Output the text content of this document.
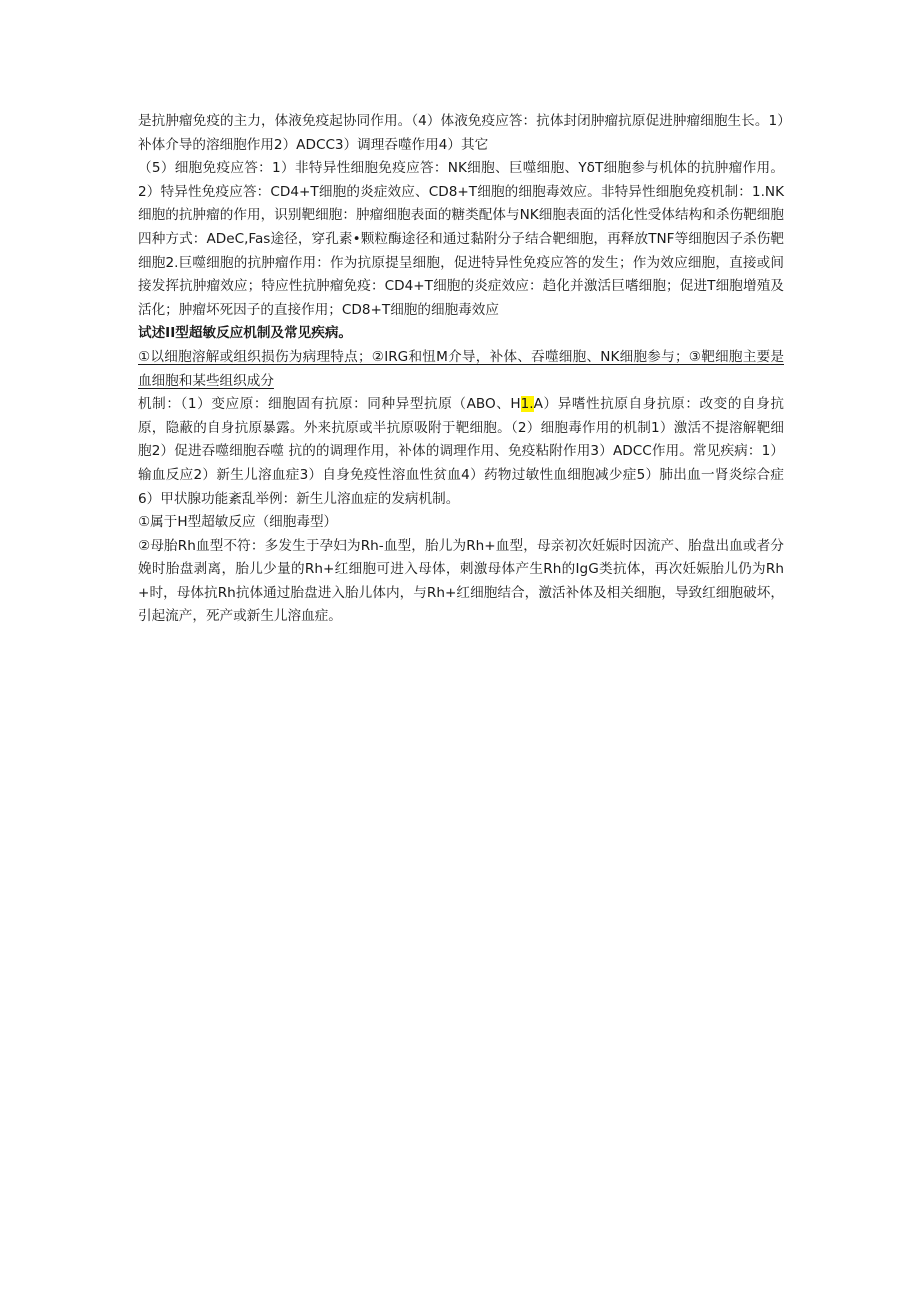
是抗肿瘤免疫的主力，体液免疫起协同作用。（4）体液免疫应答：抗体封闭肿瘤抗原促进肿瘤细胞生长。1）补体介导的溶细胞作用2）ADCC3）调理吞噬作用4）其它

（5）细胞免疫应答：1）非特异性细胞免疫应答：NK细胞、巨噬细胞、YδT细胞参与机体的抗肿瘤作用。2）特异性免疫应答：CD4+T细胞的炎症效应、CD8+T细胞的细胞毒效应。非特异性细胞免疫机制：1.NK细胞的抗肿瘤的作用，识别靶细胞：肿瘤细胞表面的糖类配体与NK细胞表面的活化性受体结构和杀伤靶细胞四种方式：ADeC,Fas途径，穿孔素•颗粒酶途径和通过黏附分子结合靶细胞，再释放TNF等细胞因子杀伤靶细胞2.巨噬细胞的抗肿瘤作用：作为抗原提呈细胞，促进特异性免疫应答的发生；作为效应细胞，直接或间接发挥抗肿瘤效应；特应性抗肿瘤免疫：CD4+T细胞的炎症效应：趋化并激活巨嗜细胞；促进T细胞增殖及活化；肿瘤坏死因子的直接作用；CD8+T细胞的细胞毒效应

试述II型超敏反应机制及常见疾病。

①以细胞溶解或组织损伤为病理特点；②IRG和忸M介导，补体、吞噬细胞、NK细胞参与；③靶细胞主要是血细胞和某些组织成分

机制：（1）变应原：细胞固有抗原：同种异型抗原（ABO、H1.A）异嗜性抗原自身抗原：改变的自身抗原，隐蔽的自身抗原暴露。外来抗原或半抗原吸附于靶细胞。（2）细胞毒作用的机制1）激活不提溶解靶细胞2）促进吞噬细胞吞噬 抗的的调理作用，补体的调理作用、免疫粘附作用3）ADCC作用。常见疾病：1）输血反应2）新生儿溶血症3）自身免疫性溶血性贫血4）药物过敏性血细胞减少症5）肺出血一肾炎综合症6）甲状腺功能紊乱举例：新生儿溶血症的发病机制。

①属于H型超敏反应（细胞毒型）

②母胎Rh血型不符：多发生于孕妇为Rh-血型，胎儿为Rh+血型，母亲初次妊娠时因流产、胎盘出血或者分娩时胎盘剥离，胎儿少量的Rh+红细胞可进入母体，刺激母体产生Rh的IgG类抗体，再次妊娠胎儿仍为Rh+时，母体抗Rh抗体通过胎盘进入胎儿体内，与Rh+红细胞结合，激活补体及相关细胞，导致红细胞破坏，引起流产，死产或新生儿溶血症。
